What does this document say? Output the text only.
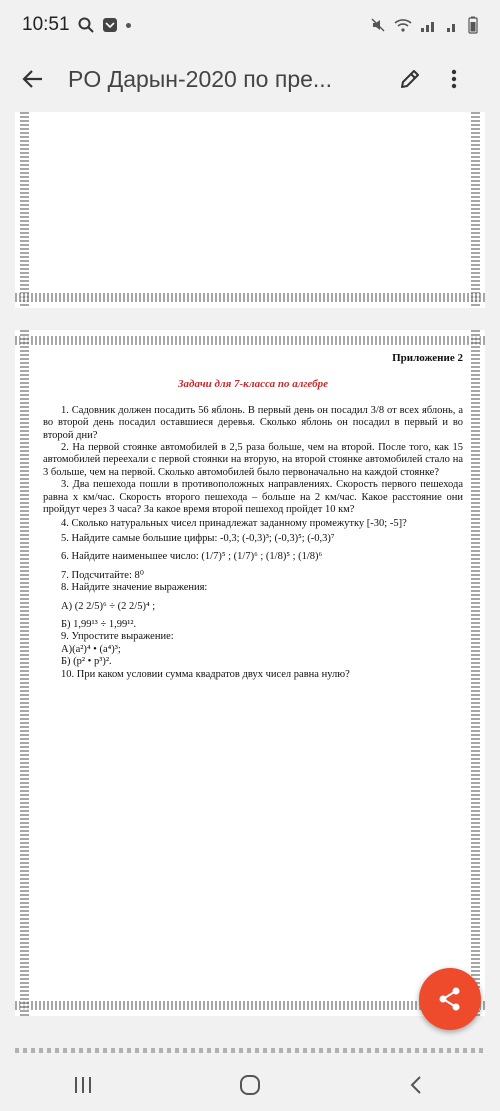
10:51
PO Дарын-2020 по пре...
Приложение 2
Задачи для 7-класса по алгебре

1. Садовник должен посадить 56 яблонь. В первый день он посадил 3/8 от всех яблонь, а во второй день посадил оставшиеся деревья. Сколько яблонь он посадил в первый и во второй дни?

2. На первой стоянке автомобилей в 2,5 раза больше, чем на второй. После того, как 15 автомобилей переехали с первой стоянки на вторую, на второй стоянке автомобилей стало на 3 больше, чем на первой. Сколько автомобилей было первоначально на каждой стоянке?

3. Два пешехода пошли в противоположных направлениях. Скорость первого пешехода равна х км/час. Скорость второго пешехода – больше на 2 км/час. Какое расстояние они пройдут через 3 часа? За какое время второй пешеход пройдет 10 км?

4. Сколько натуральных чисел принадлежат заданному промежутку [-30; -5]?

5. Найдите самые большие цифры: -0,3; (-0,3)³; (-0,3)⁵; (-0,3)⁷

6. Найдите наименьшее число: (1/7)⁵ ; (1/7)⁶ ; (1/8)⁵ ; (1/8)⁶

7. Подсчитайте: 8⁰

8. Найдите значение выражения:

А) (2 2/5)⁶ ÷ (2 2/5)⁴ ;

Б) 1,99¹³ ÷ 1,99¹².

9. Упростите выражение:

А)(a²)⁴ • (a⁴)³;

Б) (p² • p³)².

10. При каком условии сумма квадратов двух чисел равна нулю?
